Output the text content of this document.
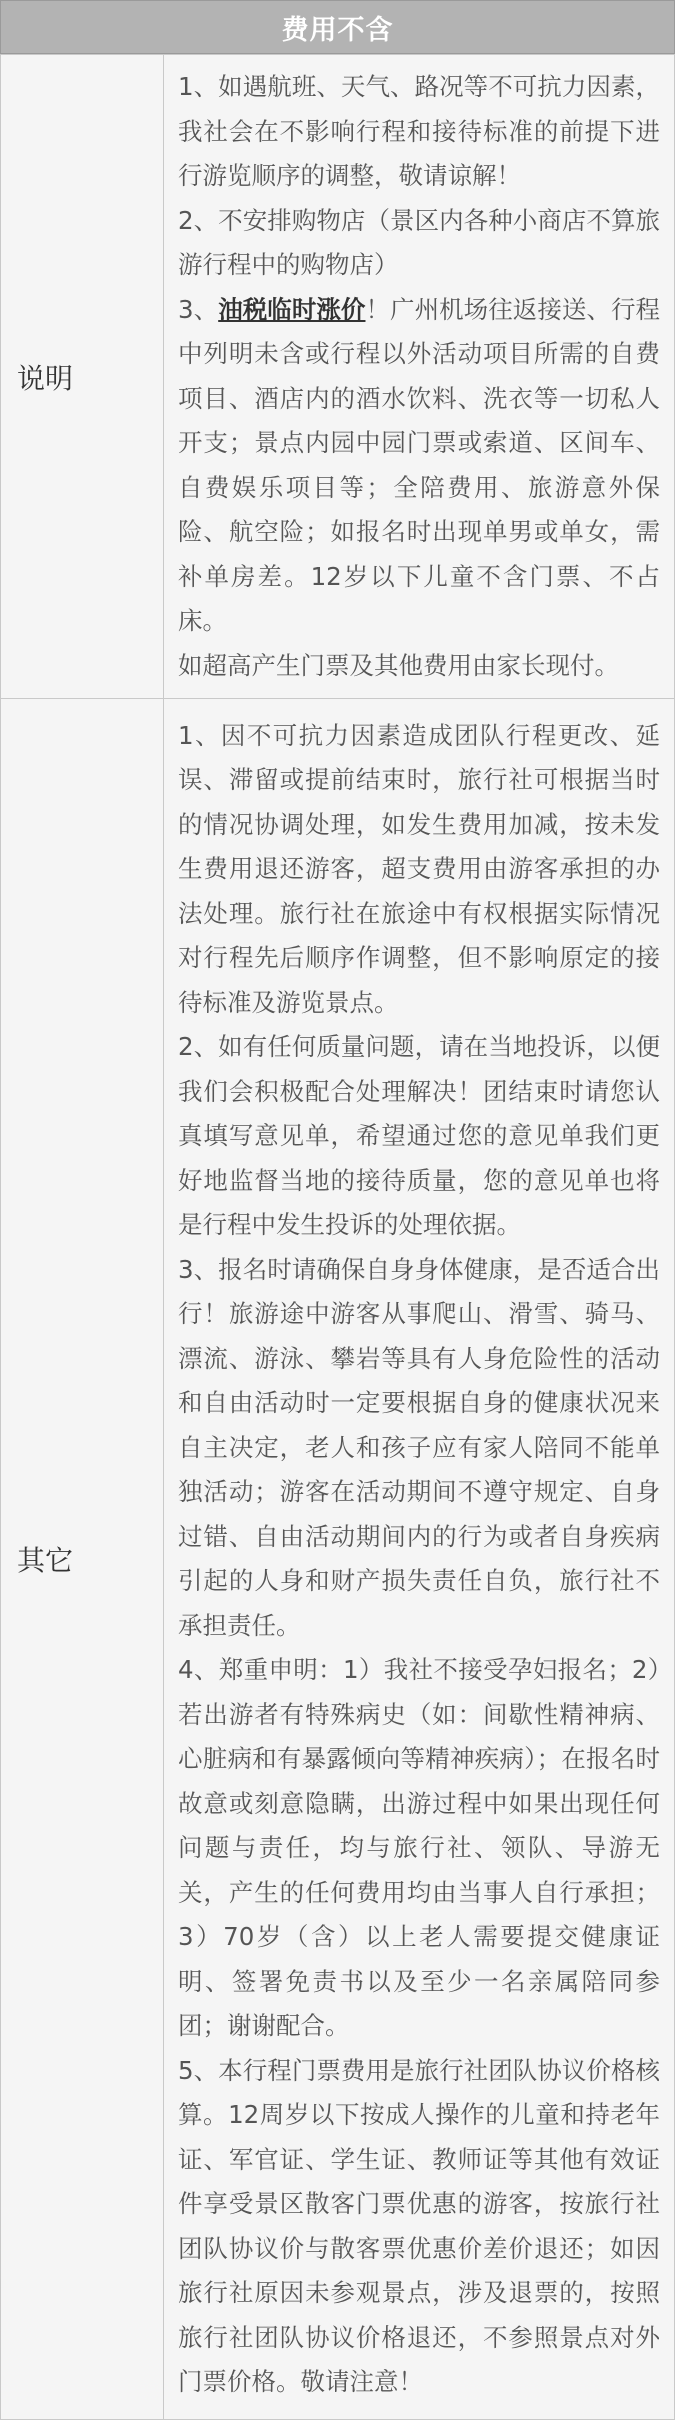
费用不含
说明	1、如遇航班、天气、路况等不可抗力因素，我社会在不影响行程和接待标准的前提下进行游览顺序的调整，敬请谅解！

2、不安排购物店（景区内各种小商店不算旅游行程中的购物店）

3、油税临时涨价！广州机场往返接送、行程中列明未含或行程以外活动项目所需的自费项目、酒店内的酒水饮料、洗衣等一切私人开支；景点内园中园门票或索道、区间车、自费娱乐项目等；全陪费用、旅游意外保险、航空险；如报名时出现单男或单女，需补单房差。12岁以下儿童不含门票、不占床。

如超高产生门票及其他费用由家长现付。

其它	1、因不可抗力因素造成团队行程更改、延误、滞留或提前结束时，旅行社可根据当时的情况协调处理，如发生费用加减，按未发生费用退还游客，超支费用由游客承担的办法处理。旅行社在旅途中有权根据实际情况对行程先后顺序作调整，但不影响原定的接待标准及游览景点。

2、如有任何质量问题，请在当地投诉，以便我们会积极配合处理解决！团结束时请您认真填写意见单，希望通过您的意见单我们更好地监督当地的接待质量，您的意见单也将是行程中发生投诉的处理依据。

3、报名时请确保自身身体健康，是否适合出行！旅游途中游客从事爬山、滑雪、骑马、漂流、游泳、攀岩等具有人身危险性的活动和自由活动时一定要根据自身的健康状况来自主决定，老人和孩子应有家人陪同不能单独活动；游客在活动期间不遵守规定、自身过错、自由活动期间内的行为或者自身疾病引起的人身和财产损失责任自负，旅行社不承担责任。

4、郑重申明：1）我社不接受孕妇报名；2）若出游者有特殊病史（如：间歇性精神病、心脏病和有暴露倾向等精神疾病）；在报名时故意或刻意隐瞒，出游过程中如果出现任何问题与责任，均与旅行社、领队、导游无关，产生的任何费用均由当事人自行承担；3）70岁（含）以上老人需要提交健康证明、签署免责书以及至少一名亲属陪同参团；谢谢配合。

5、本行程门票费用是旅行社团队协议价格核算。12周岁以下按成人操作的儿童和持老年证、军官证、学生证、教师证等其他有效证件享受景区散客门票优惠的游客，按旅行社团队协议价与散客票优惠价差价退还；如因旅行社原因未参观景点，涉及退票的，按照旅行社团队协议价格退还，不参照景点对外门票价格。敬请注意！
